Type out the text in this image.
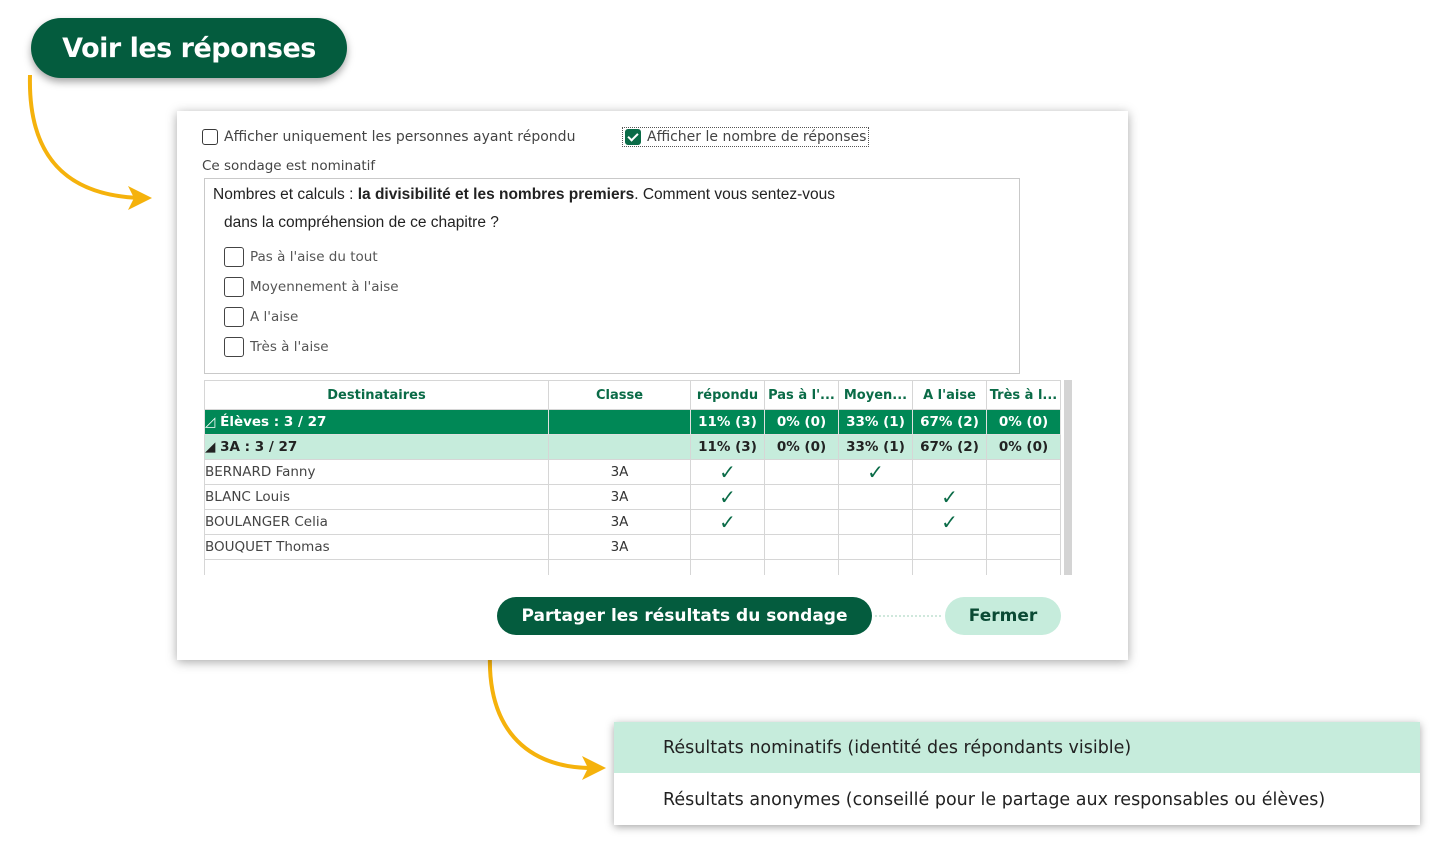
Voir les réponses
Afficher uniquement les personnes ayant répondu	Afficher le nombre de réponses
Ce sondage est nominatif
Nombres et calculs : la divisibilité et les nombres premiers. Comment vous sentez-vous
dans la compréhension de ce chapitre ?
Pas à l'aise du tout
Moyennement à l'aise
A l'aise
Très à l'aise
Destinataires	Classe	répondu	Pas à l'...	Moyen...	A l'aise	Très à l...
◿ Élèves : 3 / 27		11% (3)	0% (0)	33% (1)	67% (2)	0% (0)
◢ 3A : 3 / 27		11% (3)	0% (0)	33% (1)	67% (2)	0% (0)
BERNARD Fanny	3A	✓		✓		
BLANC Louis	3A	✓			✓	
BOULANGER Celia	3A	✓			✓	
BOUQUET Thomas	3A					

Partager les résultats du sondage	Fermer
Résultats nominatifs (identité des répondants visible)
Résultats anonymes (conseillé pour le partage aux responsables ou élèves)
